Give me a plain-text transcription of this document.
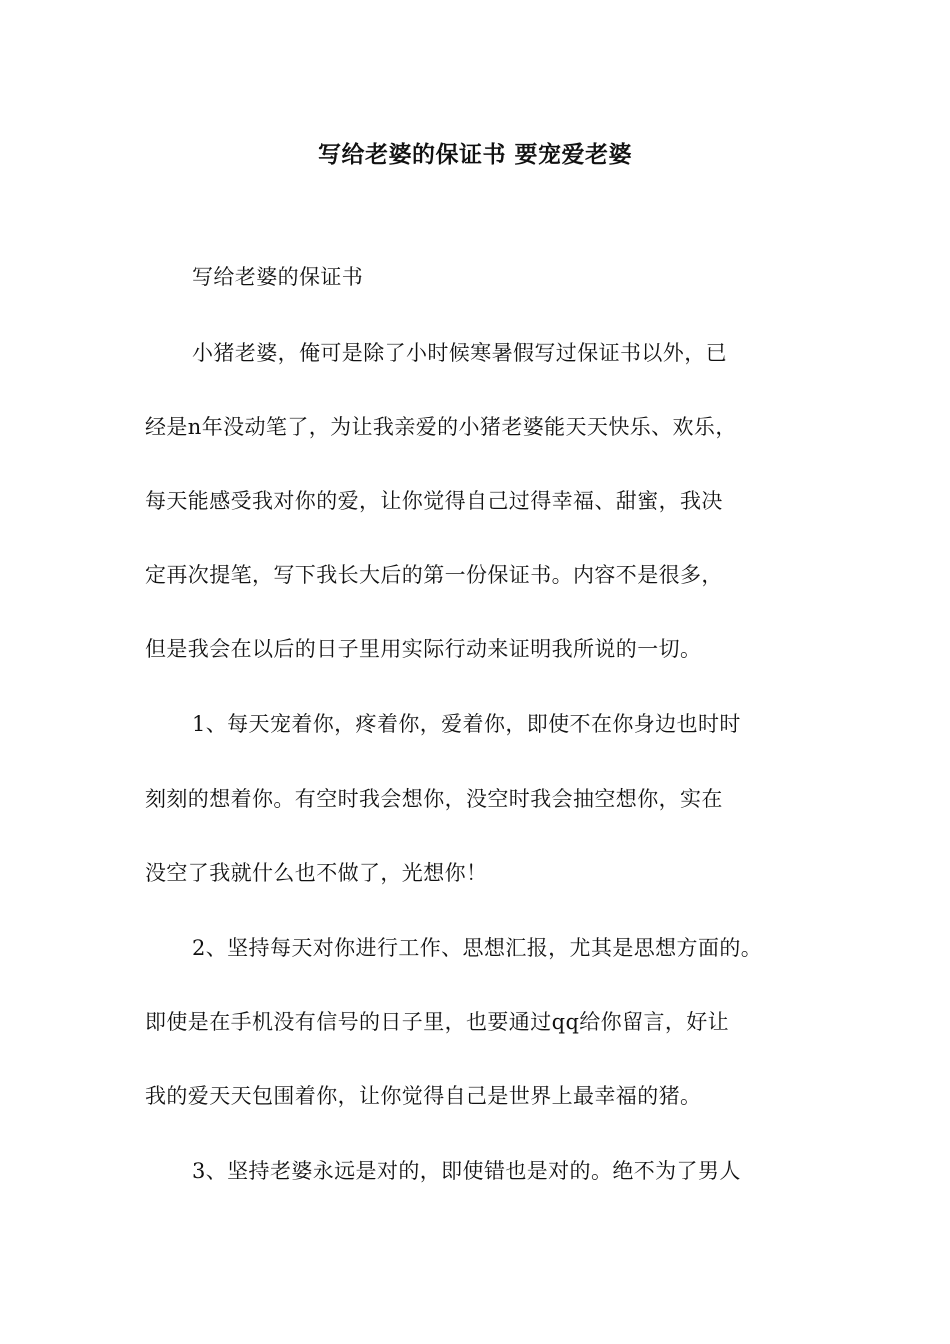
写给老婆的保证书 要宠爱老婆
写给老婆的保证书
小猪老婆，俺可是除了小时候寒暑假写过保证书以外，已
经是n年没动笔了，为让我亲爱的小猪老婆能天天快乐、欢乐，
每天能感受我对你的爱，让你觉得自己过得幸福、甜蜜，我决
定再次提笔，写下我长大后的第一份保证书。内容不是很多，
但是我会在以后的日子里用实际行动来证明我所说的一切。
1、每天宠着你，疼着你，爱着你，即使不在你身边也时时
刻刻的想着你。有空时我会想你，没空时我会抽空想你，实在
没空了我就什么也不做了，光想你！
2、坚持每天对你进行工作、思想汇报，尤其是思想方面的。
即使是在手机没有信号的日子里，也要通过qq给你留言，好让
我的爱天天包围着你，让你觉得自己是世界上最幸福的猪。
3、坚持老婆永远是对的，即使错也是对的。绝不为了男人
